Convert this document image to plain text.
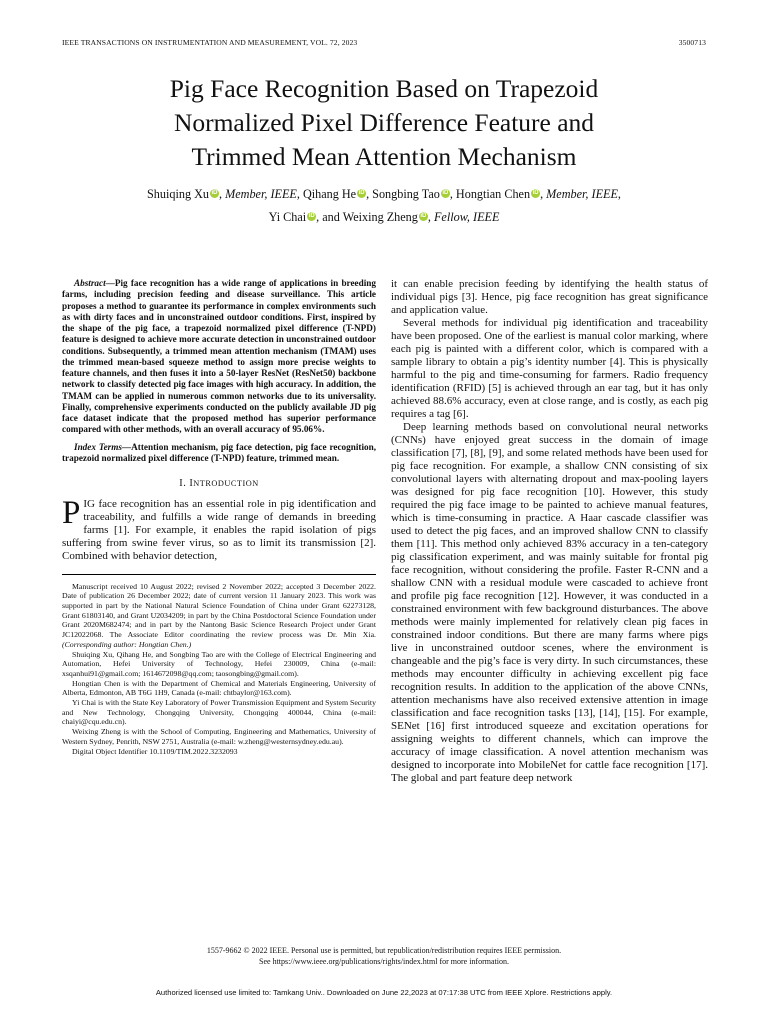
IEEE TRANSACTIONS ON INSTRUMENTATION AND MEASUREMENT, VOL. 72, 2023	3500713
Pig Face Recognition Based on Trapezoid
Normalized Pixel Difference Feature and
Trimmed Mean Attention Mechanism
Shuiqing Xu iD , Member, IEEE, Qihang He iD , Songbing Tao iD , Hongtian Chen iD , Member, IEEE,
Yi Chai iD , and Weixing Zheng iD , Fellow, IEEE

Abstract—Pig face recognition has a wide range of applications in breeding farms, including precision feeding and disease surveillance. This article proposes a method to guarantee its performance in complex environments such as with dirty faces and in unconstrained outdoor conditions. First, inspired by the shape of the pig face, a trapezoid normalized pixel difference (T-NPD) feature is designed to achieve more accurate detection in unconstrained outdoor conditions. Subsequently, a trimmed mean attention mechanism (TMAM) uses the trimmed mean-based squeeze method to assign more precise weights to feature channels, and then fuses it into a 50-layer ResNet (ResNet50) backbone network to classify detected pig face images with high accuracy. In addition, the TMAM can be applied in numerous common networks due to its universality. Finally, comprehensive experiments conducted on the publicly available JD pig face dataset indicate that the proposed method has superior performance compared with other methods, with an overall accuracy of 95.06%.

Index Terms—Attention mechanism, pig face detection, pig face recognition, trapezoid normalized pixel difference (T-NPD) feature, trimmed mean.

I. INTRODUCTION

PIG face recognition has an essential role in pig identification and traceability, and fulfills a wide range of demands in breeding farms [1]. For example, it enables the rapid isolation of pigs suffering from swine fever virus, so as to limit its transmission [2]. Combined with behavior detection,

Manuscript received 10 August 2022; revised 2 November 2022; accepted 3 December 2022. Date of publication 26 December 2022; date of current version 11 January 2023. This work was supported in part by the National Natural Science Foundation of China under Grant 62273128, Grant 61803140, and Grant U2034209; in part by the China Postdoctoral Science Foundation under Grant 2020M682474; and in part by the Nantong Basic Science Research Project under Grant JC12022068. The Associate Editor coordinating the review process was Dr. Min Xia. (Corresponding author: Hongtian Chen.)

Shuiqing Xu, Qihang He, and Songbing Tao are with the College of Electrical Engineering and Automation, Hefei University of Technology, Hefei 230009, China (e-mail: xsqanhui91@gmail.com; 1614672098@qq.com; taosongbing@gmail.com).

Hongtian Chen is with the Department of Chemical and Materials Engineering, University of Alberta, Edmonton, AB T6G 1H9, Canada (e-mail: chtbaylor@163.com).

Yi Chai is with the State Key Laboratory of Power Transmission Equipment and System Security and New Technology, Chongqing University, Chongqing 400044, China (e-mail: chaiyi@cqu.edu.cn).

Weixing Zheng is with the School of Computing, Engineering and Mathematics, University of Western Sydney, Penrith, NSW 2751, Australia (e-mail: w.zheng@westernsydney.edu.au).

Digital Object Identifier 10.1109/TIM.2022.3232093

it can enable precision feeding by identifying the health status of individual pigs [3]. Hence, pig face recognition has great significance and application value.

Several methods for individual pig identification and traceability have been proposed. One of the earliest is manual color marking, where each pig is painted with a different color, which is compared with a sample library to obtain a pig’s identity number [4]. This is physically harmful to the pig and time-consuming for farmers. Radio frequency identification (RFID) [5] is achieved through an ear tag, but it has only achieved 88.6% accuracy, even at close range, and is costly, as each pig requires a tag [6].

Deep learning methods based on convolutional neural networks (CNNs) have enjoyed great success in the domain of image classification [7], [8], [9], and some related methods have been used for pig face recognition. For example, a shallow CNN consisting of six convolutional layers with alternating dropout and max-pooling layers was designed for pig face recognition [10]. However, this study required the pig face image to be painted to achieve manual features, which is time-consuming in practice. A Haar cascade classifier was used to detect the pig faces, and an improved shallow CNN to classify them [11]. This method only achieved 83% accuracy in a ten-category pig classification experiment, and was mainly suitable for frontal pig face recognition, without considering the profile. Faster R-CNN and a shallow CNN with a residual module were cascaded to achieve front and profile pig face recognition [12]. However, it was conducted in a constrained environment with few background disturbances. The above methods were mainly implemented for relatively clean pig faces in constrained indoor conditions. But there are many farms where pigs live in unconstrained outdoor scenes, where the environment is changeable and the pig’s face is very dirty. In such circumstances, these methods may encounter difficulty in achieving excellent pig face recognition results. In addition to the application of the above CNNs, attention mechanisms have also received extensive attention in image classification and face recognition tasks [13], [14], [15]. For example, SENet [16] first introduced squeeze and excitation operations for assigning weights to different channels, which can improve the accuracy of image classification. A novel attention mechanism was designed to incorporate into MobileNet for cattle face recognition [17]. The global and part feature deep network

1557-9662 © 2022 IEEE. Personal use is permitted, but republication/redistribution requires IEEE permission.
See https://www.ieee.org/publications/rights/index.html for more information.
Authorized licensed use limited to: Tamkang Univ.. Downloaded on June 22,2023 at 07:17:38 UTC from IEEE Xplore. Restrictions apply.
